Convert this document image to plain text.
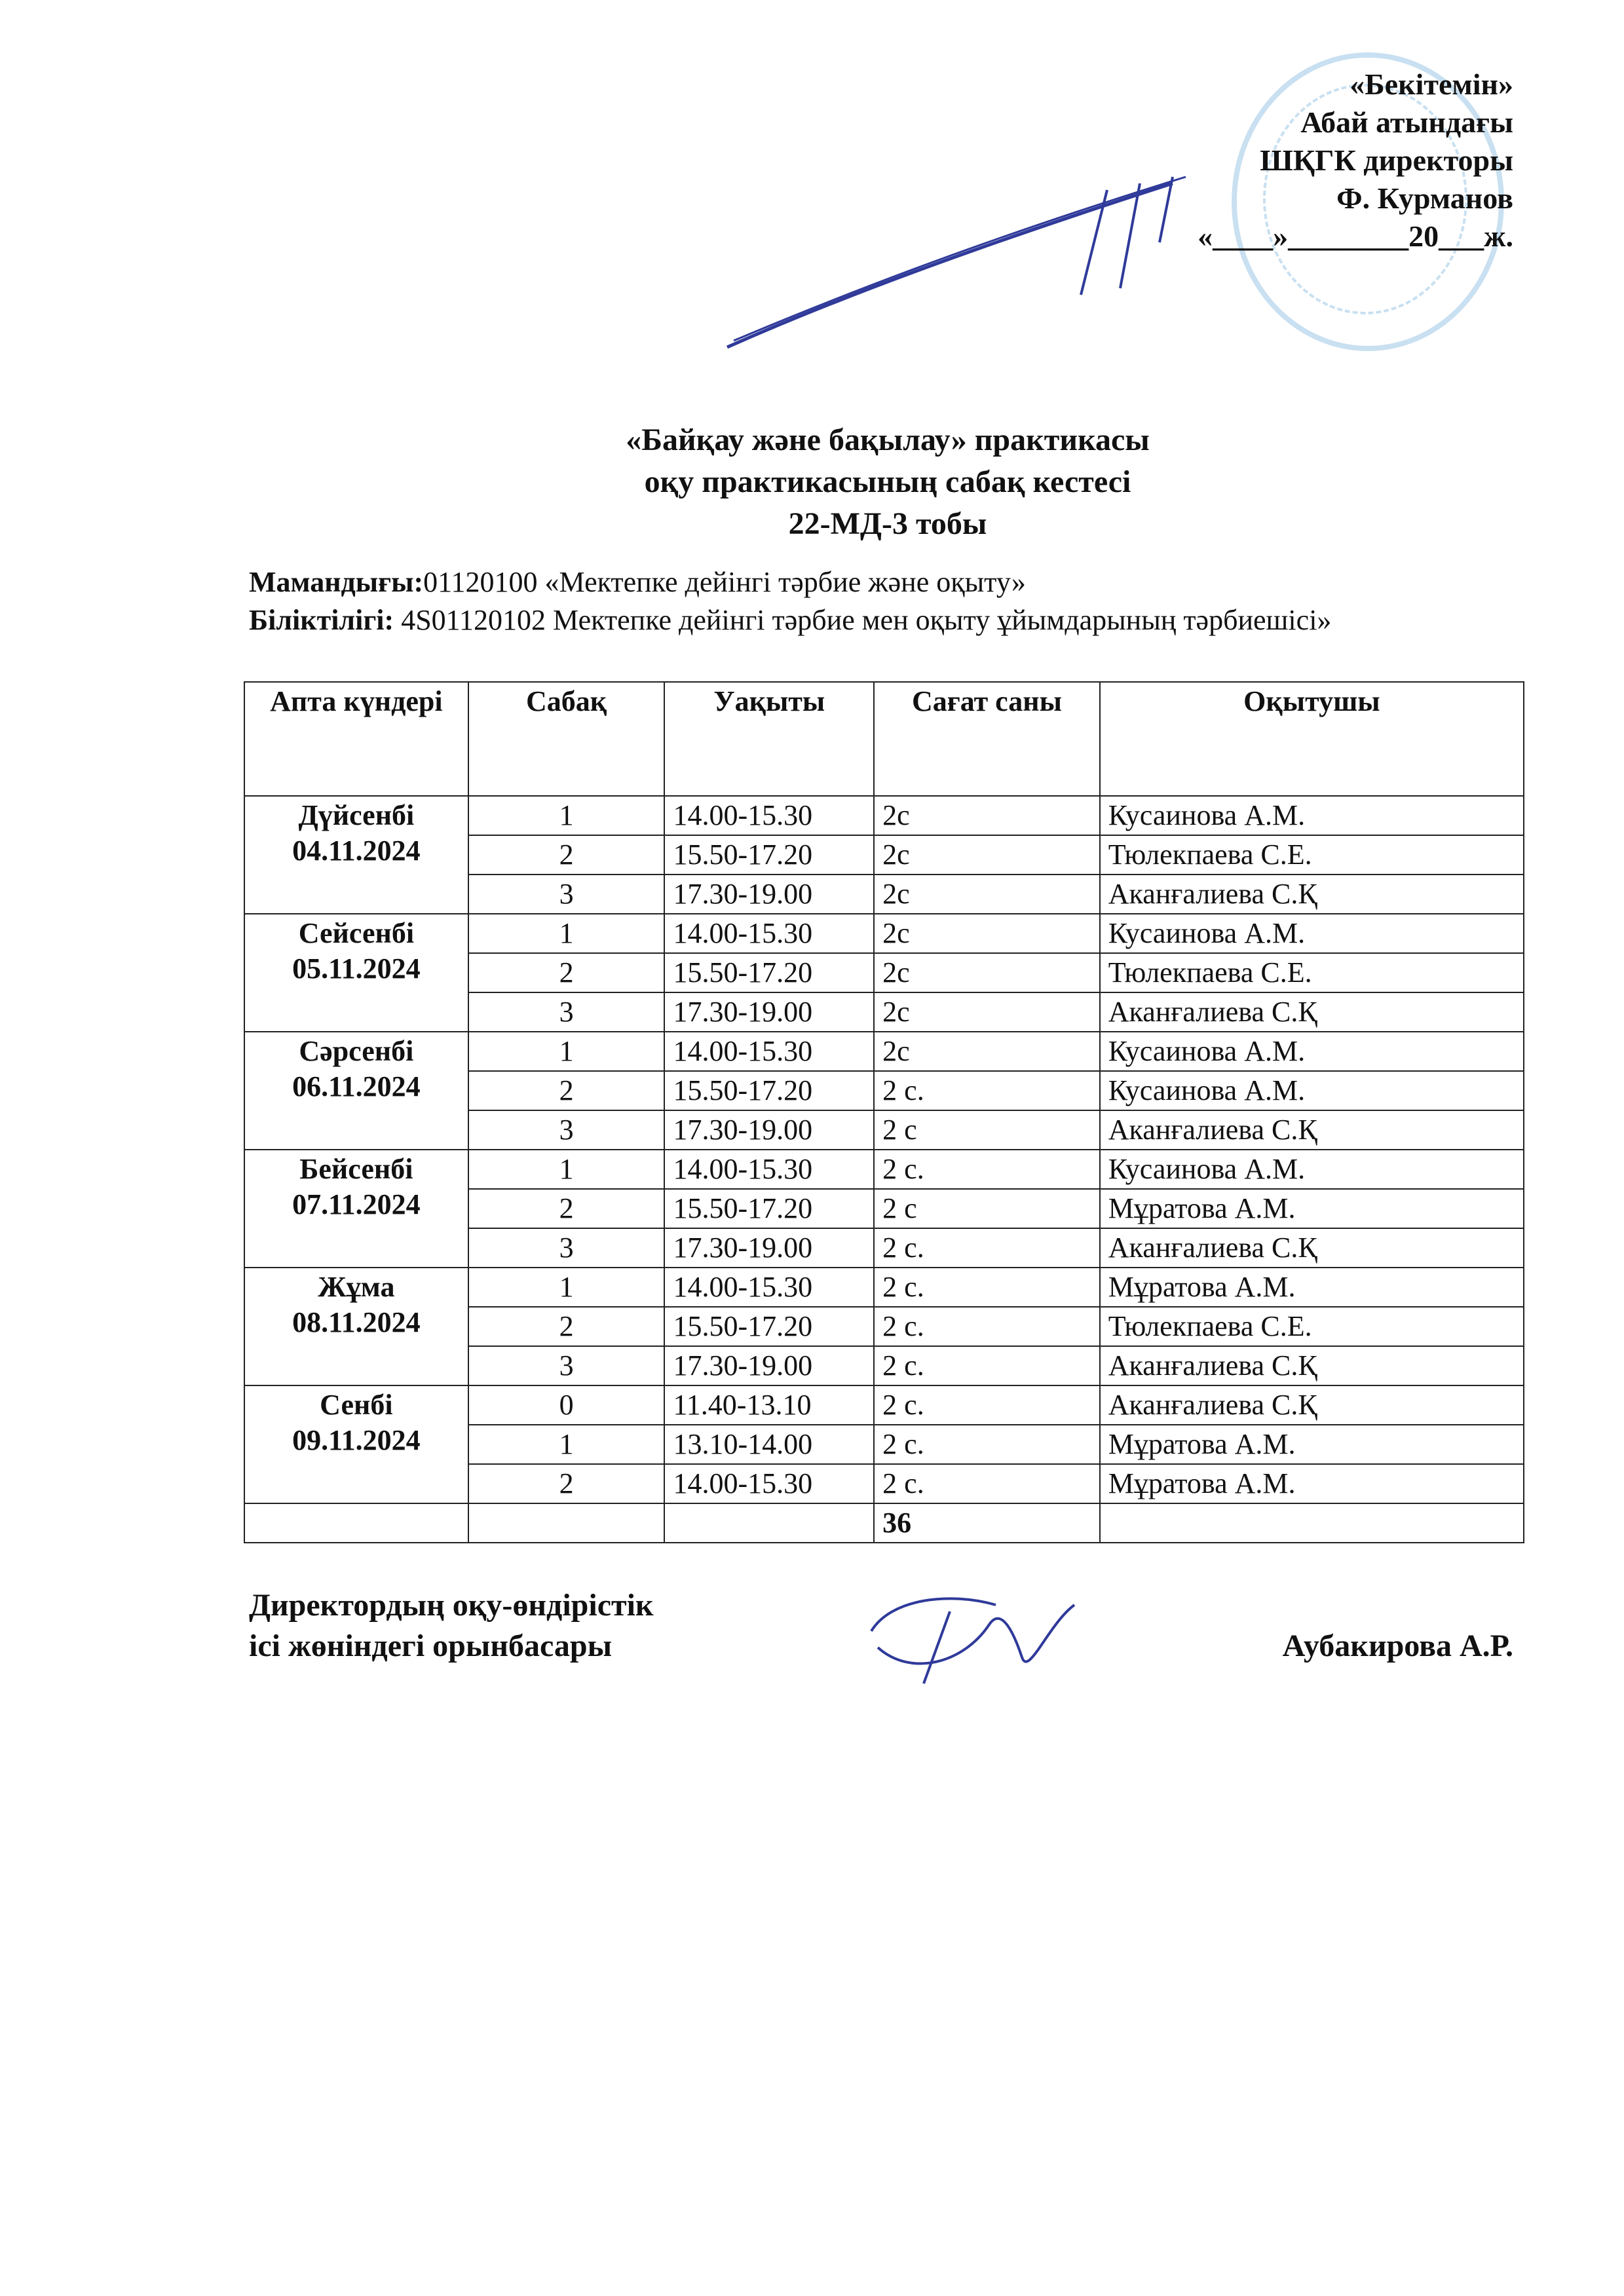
«Бекітемін»
Абай атындағы
ШҚГК директоры
Ф. Курманов
«____»________20___ж.
«Байқау және бақылау» практикасы
оқу практикасының сабақ кестесі
22-МД-3 тобы
Мамандығы:01120100 «Мектепке дейінгі тәрбие және оқыту»
Біліктілігі: 4S01120102 Мектепке дейінгі тәрбие мен оқыту ұйымдарының тәрбиешісі»
Апта күндері	Сабақ	Уақыты	Сағат саны	Оқытушы

Дүйсенбі
04.11.2024	1	14.00-15.30	2с	Кусаинова А.М.
	2	15.50-17.20	2с	Тюлекпаева С.Е.
	3	17.30-19.00	2с	Аканғалиева С.Қ

Сейсенбі
05.11.2024	1	14.00-15.30	2с	Кусаинова А.М.
	2	15.50-17.20	2с	Тюлекпаева С.Е.
	3	17.30-19.00	2с	Аканғалиева С.Қ

Сәрсенбі
06.11.2024	1	14.00-15.30	2с	Кусаинова А.М.
	2	15.50-17.20	2 с.	Кусаинова А.М.
	3	17.30-19.00	2 с	Аканғалиева С.Қ

Бейсенбі
07.11.2024	1	14.00-15.30	2 с.	Кусаинова А.М.
	2	15.50-17.20	2 с	Мұратова А.М.
	3	17.30-19.00	2 с.	Аканғалиева С.Қ

Жұма
08.11.2024	1	14.00-15.30	2 с.	Мұратова А.М.
	2	15.50-17.20	2 с.	Тюлекпаева С.Е.
	3	17.30-19.00	2 с.	Аканғалиева С.Қ

Сенбі
09.11.2024	0	11.40-13.10	2 с.	Аканғалиева С.Қ
	1	13.10-14.00	2 с.	Мұратова А.М.
	2	14.00-15.30	2 с.	Мұратова А.М.
			36	
Директордың оқу-өндірістік
ісі жөніндегі орынбасары	Аубакирова А.Р.
